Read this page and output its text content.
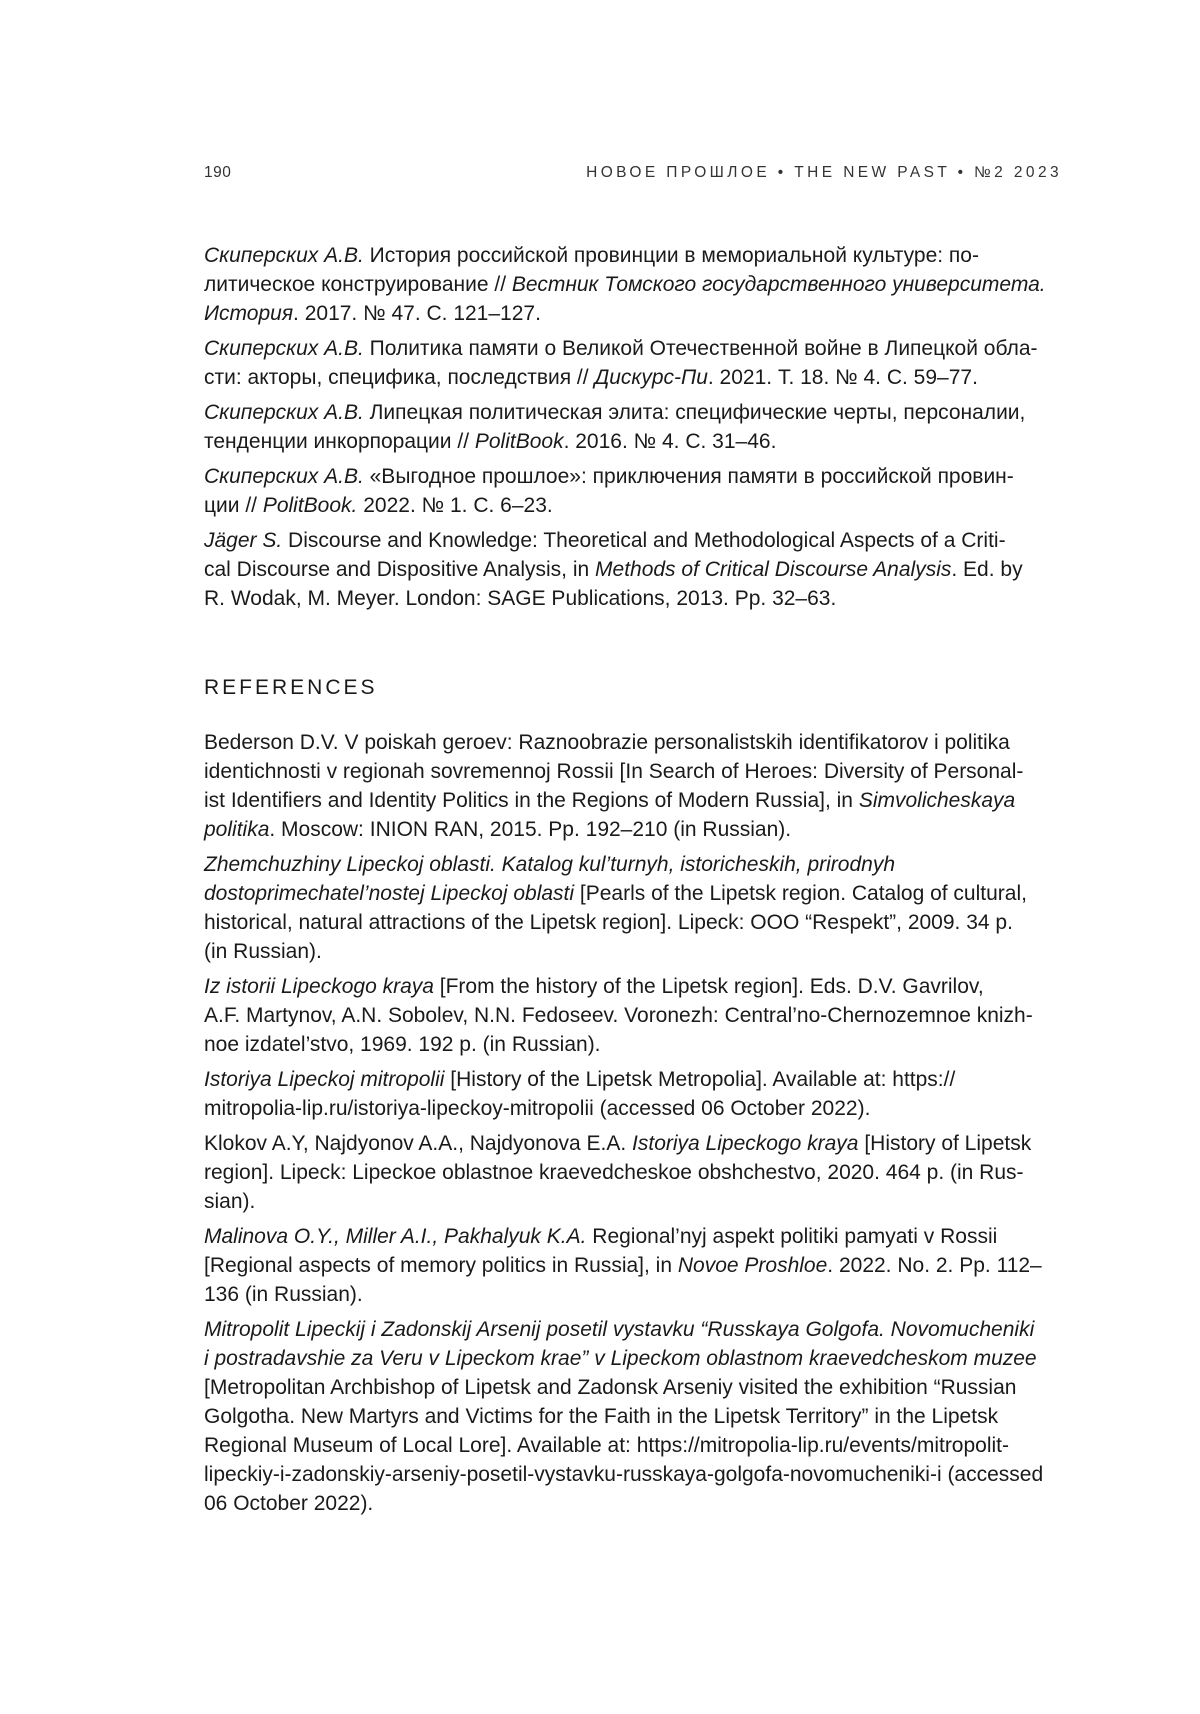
190	НОВОЕ ПРОШЛОЕ • THE NEW PAST • №2 2023

Скиперских А.В. История российской провинции в мемориальной культуре: по-
литическое конструирование // Вестник Томского государственного университета.
История. 2017. № 47. С. 121–127.

Скиперских А.В. Политика памяти о Великой Отечественной войне в Липецкой обла-
сти: акторы, специфика, последствия // Дискурс-Пи. 2021. Т. 18. № 4. С. 59–77.

Скиперских А.В. Липецкая политическая элита: специфические черты, персоналии,
тенденции инкорпорации // PolitBook. 2016. № 4. С. 31–46.

Скиперских А.В. «Выгодное прошлое»: приключения памяти в российской провин-
ции // PolitBook. 2022. № 1. С. 6–23.

Jäger S. Discourse and Knowledge: Theoretical and Methodological Aspects of a Criti-
cal Discourse and Dispositive Analysis, in Methods of Critical Discourse Analysis. Ed. by
R. Wodak, M. Meyer. London: SAGE Publications, 2013. Pp. 32–63.

REFERENCES

Bederson D.V. V poiskah geroev: Raznoobrazie personalistskih identifikatorov i politika
identichnosti v regionah sovremennoj Rossii [In Search of Heroes: Diversity of Personal-
ist Identifiers and Identity Politics in the Regions of Modern Russia], in Simvolicheskaya
politika. Moscow: INION RAN, 2015. Pp. 192–210 (in Russian).

Zhemchuzhiny Lipeckoj oblasti. Katalog kul’turnyh, istoricheskih, prirodnyh
dostoprimechatel’nostej Lipeckoj oblasti [Pearls of the Lipetsk region. Catalog of cultural,
historical, natural attractions of the Lipetsk region]. Lipeck: OOO “Respekt”, 2009. 34 p.
(in Russian).

Iz istorii Lipeckogo kraya [From the history of the Lipetsk region]. Eds. D.V. Gavrilov,
A.F. Martynov, A.N. Sobolev, N.N. Fedoseev. Voronezh: Central’no-Chernozemnoe knizh-
noe izdatel’stvo, 1969. 192 p. (in Russian).

Istoriya Lipeckoj mitropolii [History of the Lipetsk Metropolia]. Available at: https://
mitropolia-lip.ru/istoriya-lipeckoy-mitropolii (accessed 06 October 2022).

Klokov A.Y, Najdyonov A.A., Najdyonova E.A. Istoriya Lipeckogo kraya [History of Lipetsk
region]. Lipeck: Lipeckoe oblastnoe kraevedcheskoe obshchestvo, 2020. 464 p. (in Rus-
sian).

Malinova O.Y., Miller A.I., Pakhalyuk K.A. Regional’nyj aspekt politiki pamyati v Rossii
[Regional aspects of memory politics in Russia], in Novoe Proshloe. 2022. No. 2. Pp. 112–
136 (in Russian).

Mitropolit Lipeckij i Zadonskij Arsenij posetil vystavku “Russkaya Golgofa. Novomucheniki
i postradavshie za Veru v Lipeckom krae” v Lipeckom oblastnom kraevedcheskom muzee
[Metropolitan Archbishop of Lipetsk and Zadonsk Arseniy visited the exhibition “Russian
Golgotha. New Martyrs and Victims for the Faith in the Lipetsk Territory” in the Lipetsk
Regional Museum of Local Lore]. Available at: https://mitropolia-lip.ru/events/mitropolit-
lipeckiy-i-zadonskiy-arseniy-posetil-vystavku-russkaya-golgofa-novomucheniki-i (accessed
06 October 2022).
